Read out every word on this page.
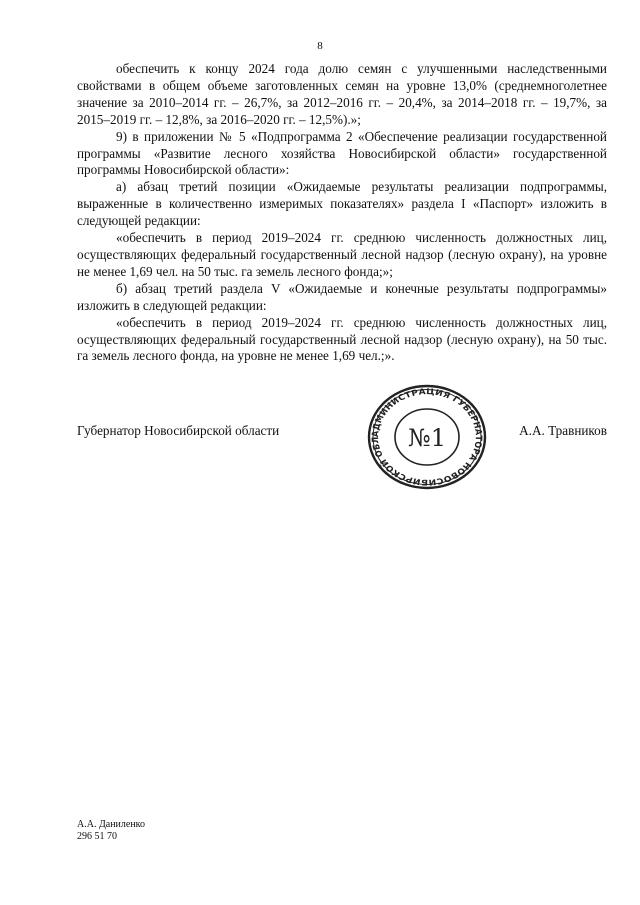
8

обеспечить к концу 2024 года долю семян с улучшенными наследственными свойствами в общем объеме заготовленных семян на уровне 13,0% (среднемноголетнее значение за 2010–2014 гг. – 26,7%, за 2012–2016 гг. – 20,4%, за 2014–2018 гг. – 19,7%, за 2015–2019 гг. – 12,8%, за 2016–2020 гг. – 12,5%).»;

9) в приложении № 5 «Подпрограмма 2 «Обеспечение реализации государственной программы «Развитие лесного хозяйства Новосибирской области» государственной программы Новосибирской области»:

а) абзац третий позиции «Ожидаемые результаты реализации подпрограммы, выраженные в количественно измеримых показателях» раздела I «Паспорт» изложить в следующей редакции:

«обеспечить в период 2019–2024 гг. среднюю численность должностных лиц, осуществляющих федеральный государственный лесной надзор (лесную охрану), на уровне не менее 1,69 чел. на 50 тыс. га земель лесного фонда;»;

б) абзац третий раздела V «Ожидаемые и конечные результаты подпрограммы» изложить в следующей редакции:

«обеспечить в период 2019–2024 гг. среднюю численность должностных лиц, осуществляющих федеральный государственный лесной надзор (лесную охрану), на 50 тыс. га земель лесного фонда, на уровне не менее 1,69 чел.;».

Губернатор Новосибирской области	А.А. Травников
АДМИНИСТРАЦИЯ ГУБЕРНАТОРА НОВОСИБИРСКОЙ ОБЛ	№1
А.А. Даниленко
296 51 70
